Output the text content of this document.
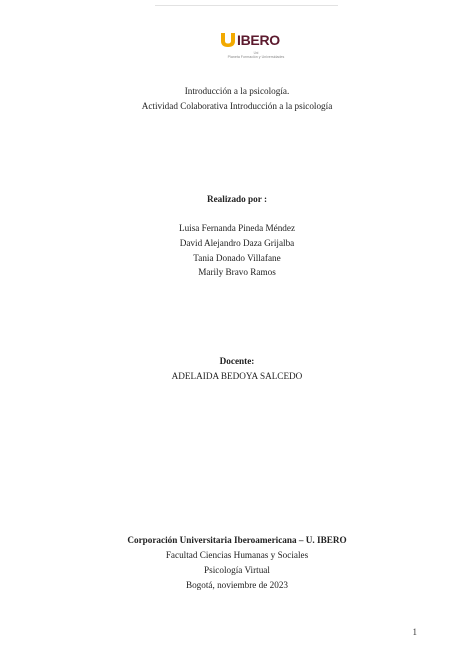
IBERO
Uni
Planeta Formación y Universidades
Introducción a la psicología.
Actividad Colaborativa Introducción a la psicología
Realizado por :
Luisa Fernanda Pineda Méndez
David Alejandro Daza Grijalba
Tania Donado Villafane
Marily Bravo Ramos
Docente:
ADELAIDA BEDOYA SALCEDO
Corporación Universitaria Iberoamericana – U. IBERO
Facultad Ciencias Humanas y Sociales
Psicología Virtual
Bogotá, noviembre de 2023
1
